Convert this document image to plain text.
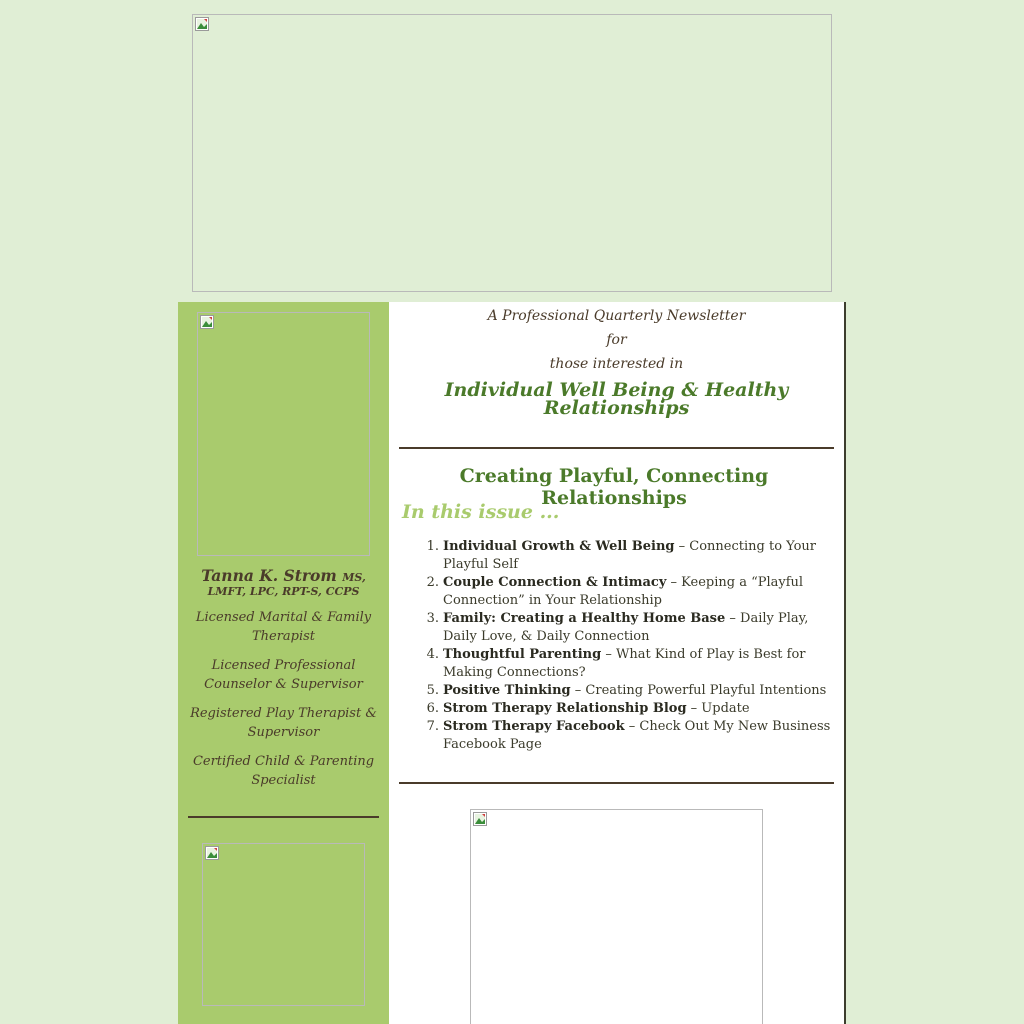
Tanna K. Strom MS,
LMFT, LPC, RPT-S, CCPS
Licensed Marital & Family Therapist
Licensed Professional Counselor & Supervisor
Registered Play Therapist & Supervisor
Certified Child & Parenting Specialist
A Professional Quarterly Newsletter
for
those interested in
Individual Well Being & Healthy Relationships
Creating Playful, Connecting Relationships
In this issue ...
1. Individual Growth & Well Being – Connecting to Your Playful Self
2. Couple Connection & Intimacy – Keeping a “Playful Connection” in Your Relationship
3. Family: Creating a Healthy Home Base – Daily Play, Daily Love, & Daily Connection
4. Thoughtful Parenting – What Kind of Play is Best for Making Connections?
5. Positive Thinking – Creating Powerful Playful Intentions
6. Strom Therapy Relationship Blog – Update
7. Strom Therapy Facebook – Check Out My New Business Facebook Page
